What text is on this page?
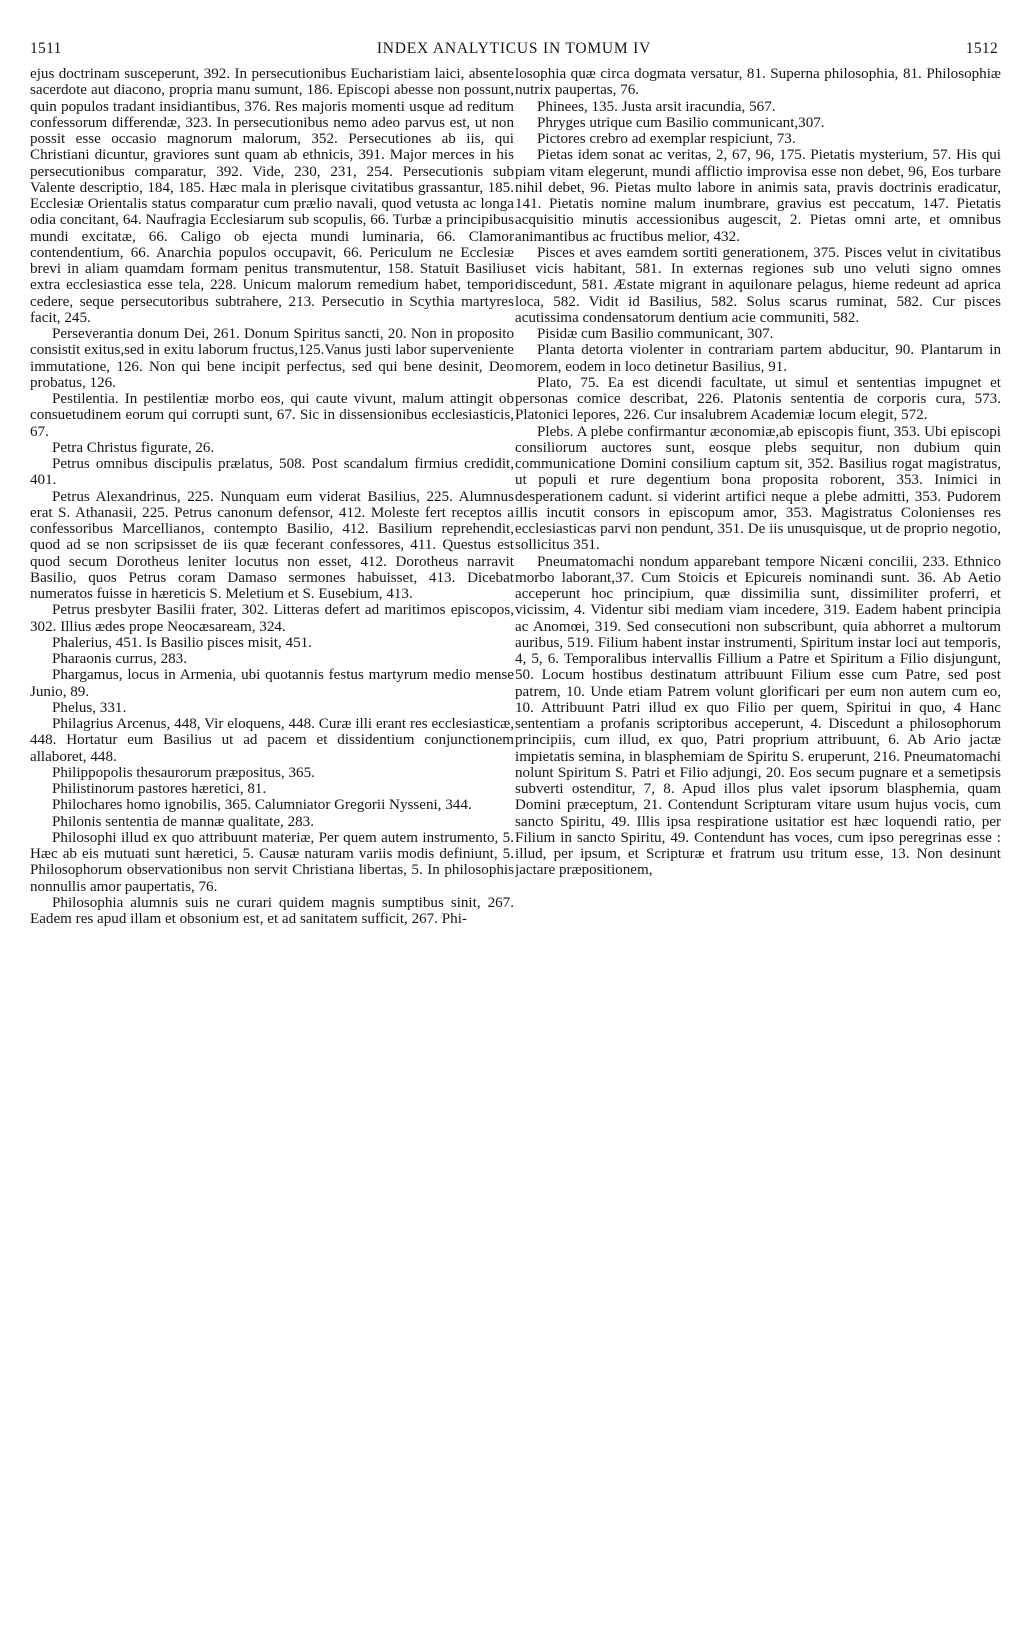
1511	INDEX ANALYTICUS IN TOMUM IV	1512

ejus doctrinam susceperunt, 392. In persecutionibus Eucharistiam laici, absente sacerdote aut diacono, propria manu sumunt, 186. Episcopi abesse non possunt, quin populos tradant insidiantibus, 376. Res majoris momenti usque ad reditum confessorum differendæ, 323. In persecutionibus nemo adeo parvus est, ut non possit esse occasio magnorum malorum, 352. Persecutiones ab iis, qui Christiani dicuntur, graviores sunt quam ab ethnicis, 391. Major merces in his persecutionibus comparatur, 392. Vide, 230, 231, 254. Persecutionis sub Valente descriptio, 184, 185. Hæc mala in plerisque civitatibus grassantur, 185. Ecclesiæ Orientalis status comparatur cum prælio navali, quod vetusta ac longa odia concitant, 64. Naufragia Ecclesiarum sub scopulis, 66. Turbæ a principibus mundi excitatæ, 66. Caligo ob ejecta mundi luminaria, 66. Clamor contendentium, 66. Anarchia populos occupavit, 66. Periculum ne Ecclesiæ brevi in aliam quamdam formam penitus transmutentur, 158. Statuit Basilius extra ecclesiastica esse tela, 228. Unicum malorum remedium habet, tempori cedere, seque persecutoribus subtrahere, 213. Persecutio in Scythia martyres facit, 245.

Perseverantia donum Dei, 261. Donum Spiritus sancti, 20. Non in proposito consistit exitus,sed in exitu laborum fructus,125.Vanus justi labor superveniente immutatione, 126. Non qui bene incipit perfectus, sed qui bene desinit, Deo probatus, 126.

Pestilentia. In pestilentiæ morbo eos, qui caute vivunt, malum attingit ob consuetudinem eorum qui corrupti sunt, 67. Sic in dissensionibus ecclesiasticis, 67.

Petra Christus figurate, 26.

Petrus omnibus discipulis prælatus, 508. Post scandalum firmius credidit, 401.

Petrus Alexandrinus, 225. Nunquam eum viderat Basilius, 225. Alumnus erat S. Athanasii, 225. Petrus canonum defensor, 412. Moleste fert receptos a confessoribus Marcellianos, contempto Basilio, 412. Basilium reprehendit, quod ad se non scripsisset de iis quæ fecerant confessores, 411. Questus est quod secum Dorotheus leniter locutus non esset, 412. Dorotheus narravit Basilio, quos Petrus coram Damaso sermones habuisset, 413. Dicebat numeratos fuisse in hæreticis S. Meletium et S. Eusebium, 413.

Petrus presbyter Basilii frater, 302. Litteras defert ad maritimos episcopos, 302. Illius ædes prope Neocæsaream, 324.

Phalerius, 451. Is Basilio pisces misit, 451.

Pharaonis currus, 283.

Phargamus, locus in Armenia, ubi quotannis festus martyrum medio mense Junio, 89.

Phelus, 331.

Philagrius Arcenus, 448, Vir eloquens, 448. Curæ illi erant res ecclesiasticæ, 448. Hortatur eum Basilius ut ad pacem et dissidentium conjunctionem allaboret, 448.

Philippopolis thesaurorum præpositus, 365.

Philistinorum pastores hæretici, 81.

Philochares homo ignobilis, 365. Calumniator Gregorii Nysseni, 344.

Philonis sententia de mannæ qualitate, 283.

Philosophi illud ex quo attribuunt materiæ, Per quem autem instrumento, 5. Hæc ab eis mutuati sunt hæretici, 5. Causæ naturam variis modis definiunt, 5. Philosophorum observationibus non servit Christiana libertas, 5. In philosophis nonnullis amor paupertatis, 76.

Philosophia alumnis suis ne curari quidem magnis sumptibus sinit, 267. Eadem res apud illam et obsonium est, et ad sanitatem sufficit, 267. Phi-

losophia quæ circa dogmata versatur, 81. Superna philosophia, 81. Philosophiæ nutrix paupertas, 76.

Phinees, 135. Justa arsit iracundia, 567.

Phryges utrique cum Basilio communicant,307.

Pictores crebro ad exemplar respiciunt, 73.

Pietas idem sonat ac veritas, 2, 67, 96, 175. Pietatis mysterium, 57. His qui piam vitam elegerunt, mundi afflictio improvisa esse non debet, 96, Eos turbare nihil debet, 96. Pietas multo labore in animis sata, pravis doctrinis eradicatur, 141. Pietatis nomine malum inumbrare, gravius est peccatum, 147. Pietatis acquisitio minutis accessionibus augescit, 2. Pietas omni arte, et omnibus animantibus ac fructibus melior, 432.

Pisces et aves eamdem sortiti generationem, 375. Pisces velut in civitatibus et vicis habitant, 581. In externas regiones sub uno veluti signo omnes discedunt, 581. Æstate migrant in aquilonare pelagus, hieme redeunt ad aprica loca, 582. Vidit id Basilius, 582. Solus scarus ruminat, 582. Cur pisces acutissima condensatorum dentium acie communiti, 582.

Pisidæ cum Basilio communicant, 307.

Planta detorta violenter in contrariam partem abducitur, 90. Plantarum in morem, eodem in loco detinetur Basilius, 91.

Plato, 75. Ea est dicendi facultate, ut simul et sententias impugnet et personas comice describat, 226. Platonis sententia de corporis cura, 573. Platonici lepores, 226. Cur insalubrem Academiæ locum elegit, 572.

Plebs. A plebe confirmantur æconomiæ,ab episcopis fiunt, 353. Ubi episcopi consiliorum auctores sunt, eosque plebs sequitur, non dubium quin communicatione Domini consilium captum sit, 352. Basilius rogat magistratus, ut populi et rure degentium bona proposita roborent, 353. Inimici in desperationem cadunt. si viderint artifici neque a plebe admitti, 353. Pudorem illis incutit consors in episcopum amor, 353. Magistratus Colonienses res ecclesiasticas parvi non pendunt, 351. De iis unusquisque, ut de proprio negotio, sollicitus 351.

Pneumatomachi nondum apparebant tempore Nicæni concilii, 233. Ethnico morbo laborant,37. Cum Stoicis et Epicureis nominandi sunt. 36. Ab Aetio acceperunt hoc principium, quæ dissimilia sunt, dissimiliter proferri, et vicissim, 4. Videntur sibi mediam viam incedere, 319. Eadem habent principia ac Anomœi, 319. Sed consecutioni non subscribunt, quia abhorret a multorum auribus, 519. Filium habent instar instrumenti, Spiritum instar loci aut temporis, 4, 5, 6. Temporalibus intervallis Fillium a Patre et Spiritum a Filio disjungunt, 50. Locum hostibus destinatum attribuunt Filium esse cum Patre, sed post patrem, 10. Unde etiam Patrem volunt glorificari per eum non autem cum eo, 10. Attribuunt Patri illud ex quo Filio per quem, Spiritui in quo, 4 Hanc sententiam a profanis scriptoribus acceperunt, 4. Discedunt a philosophorum principiis, cum illud, ex quo, Patri proprium attribuunt, 6. Ab Ario jactæ impietatis semina, in blasphemiam de Spiritu S. eruperunt, 216. Pneumatomachi nolunt Spiritum S. Patri et Filio adjungi, 20. Eos secum pugnare et a semetipsis subverti ostenditur, 7, 8. Apud illos plus valet ipsorum blasphemia, quam Domini præceptum, 21. Contendunt Scripturam vitare usum hujus vocis, cum sancto Spiritu, 49. Illis ipsa respiratione usitatior est hæc loquendi ratio, per Filium in sancto Spiritu, 49. Contendunt has voces, cum ipso peregrinas esse : illud, per ipsum, et Scripturæ et fratrum usu tritum esse, 13. Non desinunt jactare præpositionem,
